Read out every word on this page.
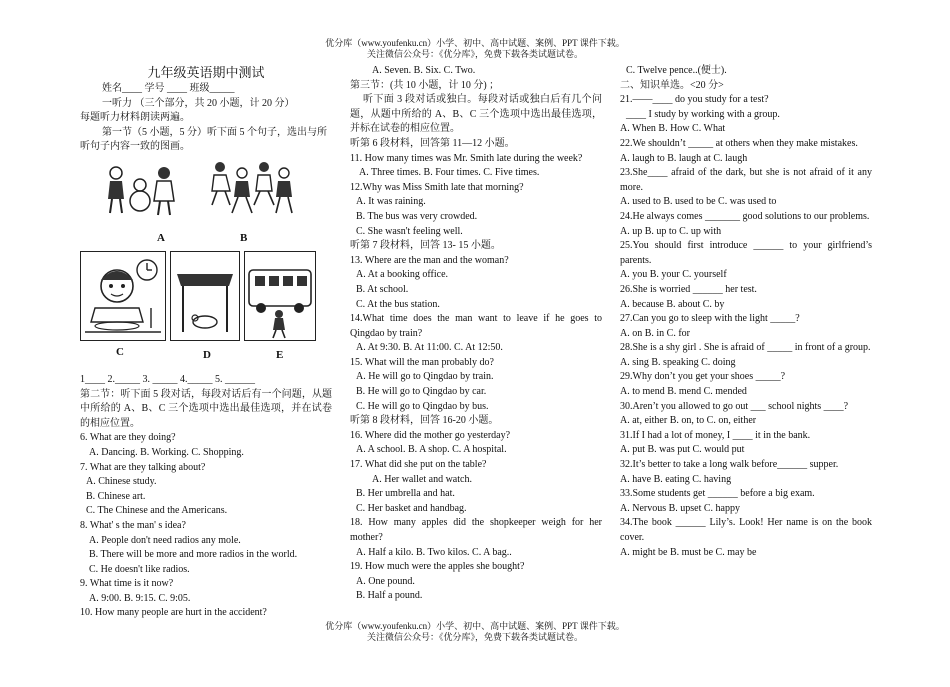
优分库（www.youfenku.cn）小学、初中、高中试题、案例、PPT 课件下载。
关注微信公众号：《优分库》，免费下载各类试题试卷。
九年级英语期中测试
姓名____ 学号 ____ 班级_____
一听力 （三个部分，共 20 小题，计 20 分）
每题听力材料朗读两遍。
第一节（5 小题，5 分）听下面 5 个句子，选出与所听句子内容一致的图画。
A	B
C	D	E
1____ 2._____ 3. _____ 4._____ 5. ______
第二节：听下面 5 段对话，每段对话后有一个问题，从题中所给的 A、B、C 三个选项中选出最佳选项，并在试卷的相应位置。
6. What are they doing?
A. Dancing. B. Working. C. Shopping.
7. What are they talking about?
A. Chinese study.
B. Chinese art.
C. The Chinese and the Americans.
8. What' s the man' s idea?
A. People don't need radios any mole.
B. There will be more and more radios in the world.
C. He doesn't like radios.
9. What time is it now?
A. 9:00. B. 9:15. C. 9:05.
10. How many people are hurt in the accident?
A. Seven. B. Six. C. Two.
第三节：(共 10 小题，计 10 分) ；
听下面 3 段对话或独白。每段对话或独白后有几个问题，从题中所给的 A、B、C 三个选项中选出最佳选项，并标在试卷的相应位置。
听第 6 段材料，回答第 11—12 小题。
11. How many times was Mr. Smith late during the week?
A. Three times. B. Four times. C. Five times.
12.Why was Miss Smith late that morning?
A. It was raining.
B. The bus was very crowded.
C. She wasn't feeling well.
听第 7 段材料，回答 13- 15 小题。
13. Where are the man and the woman?
A. At a booking office.
B. At school.
C. At the bus station.
14.What time does the man want to leave if he goes to Qingdao by train?
A. At 9:30. B. At 11:00. C. At 12:50.
15. What will the man probably do?
A. He will go to Qingdao by train.
B. He will go to Qingdao by car.
C. He will go to Qingdao by bus.
听第 8 段材料，回答 16-20 小题。
16. Where did the mother go yesterday?
A. A school. B. A shop. C. A hospital.
17. What did she put on the table?
A. Her wallet and watch.
B. Her umbrella and hat.
C. Her basket and handbag.
18. How many apples did the shopkeeper weigh for her mother?
A. Half a kilo. B. Two kilos. C. A bag..
19. How much were the apples she bought?
A. One pound.
B. Half a pound.
C. Twelve pence..(便士).
二、知识单选。<20 分>
21.——____ do you study for a test?
____ I study by working with a group.
A. When B. How C. What
22.We shouldn’t _____ at others when they make mistakes.
A. laugh to B. laugh at C. laugh
23.She____ afraid of the dark, but she is not afraid of it any more.
A. used to B. used to be C. was used to
24.He always comes _______ good solutions to our problems.
A. up B. up to C. up with
25.You should first introduce ______ to your girlfriend’s parents.
A. you B. your C. yourself
26.She is worried ______ her test.
A. because B. about C. by
27.Can you go to sleep with the light _____?
A. on B. in C. for
28.She is a shy girl . She is afraid of _____ in front of a group.
A. sing B. speaking C. doing
29.Why don’t you get your shoes _____?
A. to mend B. mend C. mended
30.Aren’t you allowed to go out ___ school nights ____?
A. at, either B. on, to C. on, either
31.If I had a lot of money, I ____ it in the bank.
A. put B. was put C. would put
32.It’s better to take a long walk before______ supper.
A. have B. eating C. having
33.Some students get ______ before a big exam.
A. Nervous B. upset C. happy
34.The book ______ Lily’s. Look! Her name is on the book cover.
A. might be B. must be C. may be
优分库（www.youfenku.cn）小学、初中、高中试题、案例、PPT 课件下载。
关注微信公众号：《优分库》，免费下载各类试题试卷。
